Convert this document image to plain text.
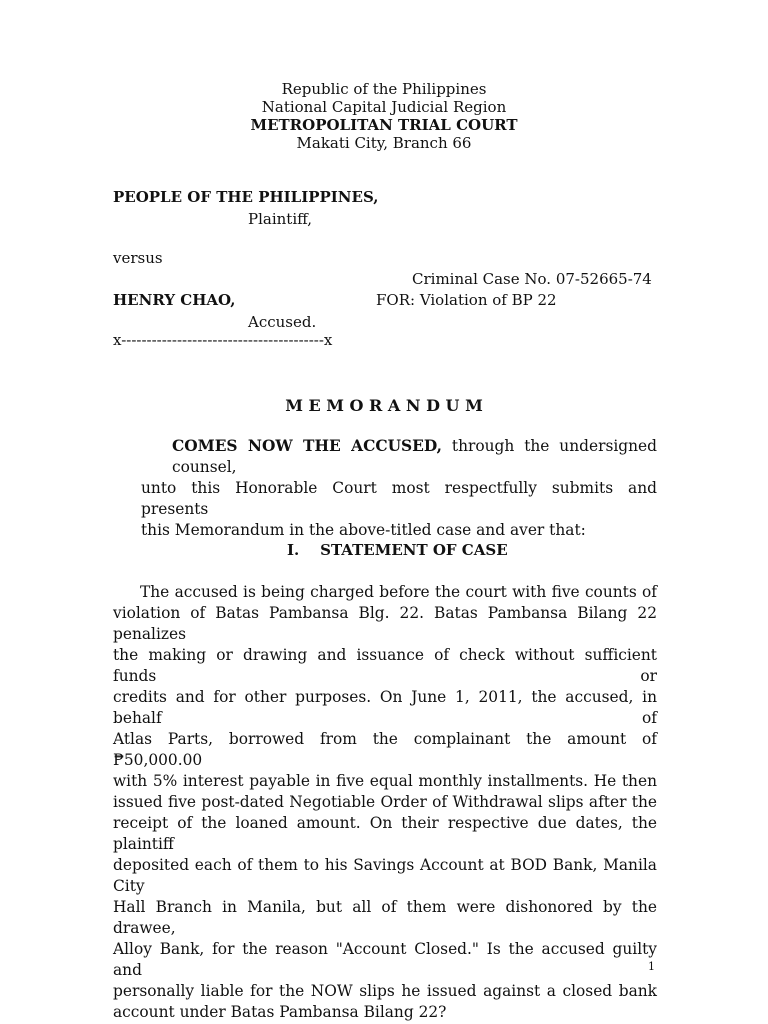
Republic of the Philippines
National Capital Judicial Region
METROPOLITAN TRIAL COURT
Makati City, Branch 66
PEOPLE OF THE PHILIPPINES,
Plaintiff,
versus
Criminal Case No. 07-52665-74
HENRY CHAO,	FOR: Violation of BP 22
Accused.
x----------------------------------------x
M E M O R A N D U M
COMES NOW THE ACCUSED, through the undersigned counsel,
unto this Honorable Court most respectfully submits and presents
this Memorandum in the above-titled case and aver that:
I.    STATEMENT OF CASE
The accused is being charged before the court with five counts of
violation of Batas Pambansa Blg. 22. Batas Pambansa Bilang 22 penalizes
the making or drawing and issuance of check without sufficient funds or
credits and for other purposes. On June 1, 2011, the accused, in behalf of
Atlas Parts, borrowed from the complainant the amount of ₱50,000.00
with 5% interest payable in five equal monthly installments. He then
issued five post-dated Negotiable Order of Withdrawal slips after the
receipt of the loaned amount. On their respective due dates, the plaintiff
deposited each of them to his Savings Account at BOD Bank, Manila City
Hall Branch in Manila, but all of them were dishonored by the drawee,
Alloy Bank, for the reason "Account Closed." Is the accused guilty and
personally liable for the NOW slips he issued against a closed bank
account under Batas Pambansa Bilang 22?
1
